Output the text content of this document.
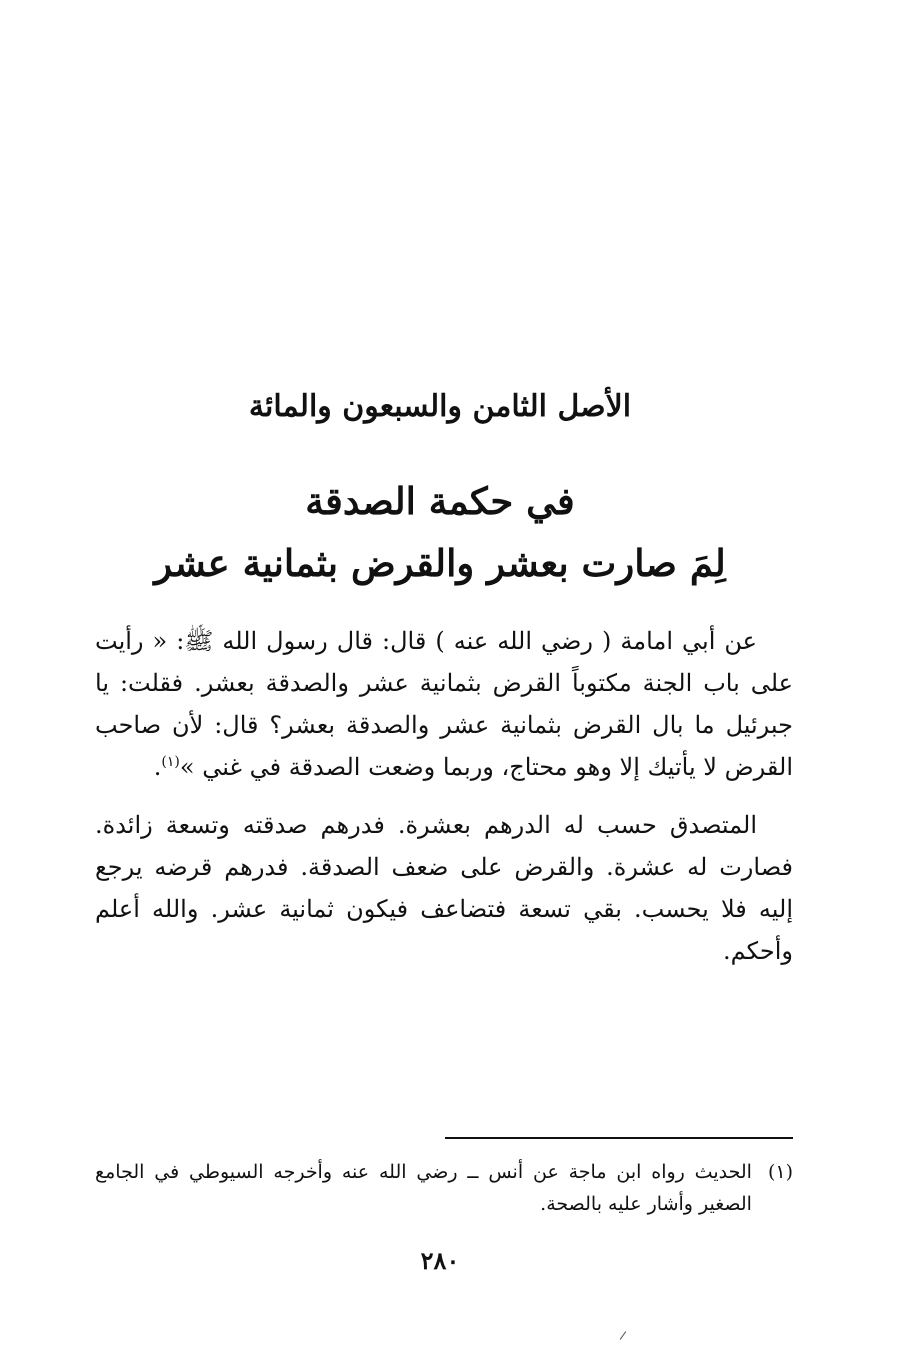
الأصل الثامن والسبعون والمائة
في حكمة الصدقة
لِمَ صارت بعشر والقرض بثمانية عشر

عن أبي امامة ( رضي الله عنه ) قال: قال رسول الله ﷺ: « رأيت على باب الجنة مكتوباً القرض بثمانية عشر والصدقة بعشر. فقلت: يا جبرئيل ما بال القرض بثمانية عشر والصدقة بعشر؟ قال: لأن صاحب القرض لا يأتيك إلا وهو محتاج، وربما وضعت الصدقة في غني »$^{(١)}$.

المتصدق حسب له الدرهم بعشرة. فدرهم صدقته وتسعة زائدة. فصارت له عشرة. والقرض على ضعف الصدقة. فدرهم قرضه يرجع إليه فلا يحسب. بقي تسعة فتضاعف فيكون ثمانية عشر. والله أعلم وأحكم.

(١)
الحديث رواه ابن ماجة عن أنس ــ رضي الله عنه وأخرجه السيوطي في الجامع الصغير وأشار عليه بالصحة.
٢٨٠
